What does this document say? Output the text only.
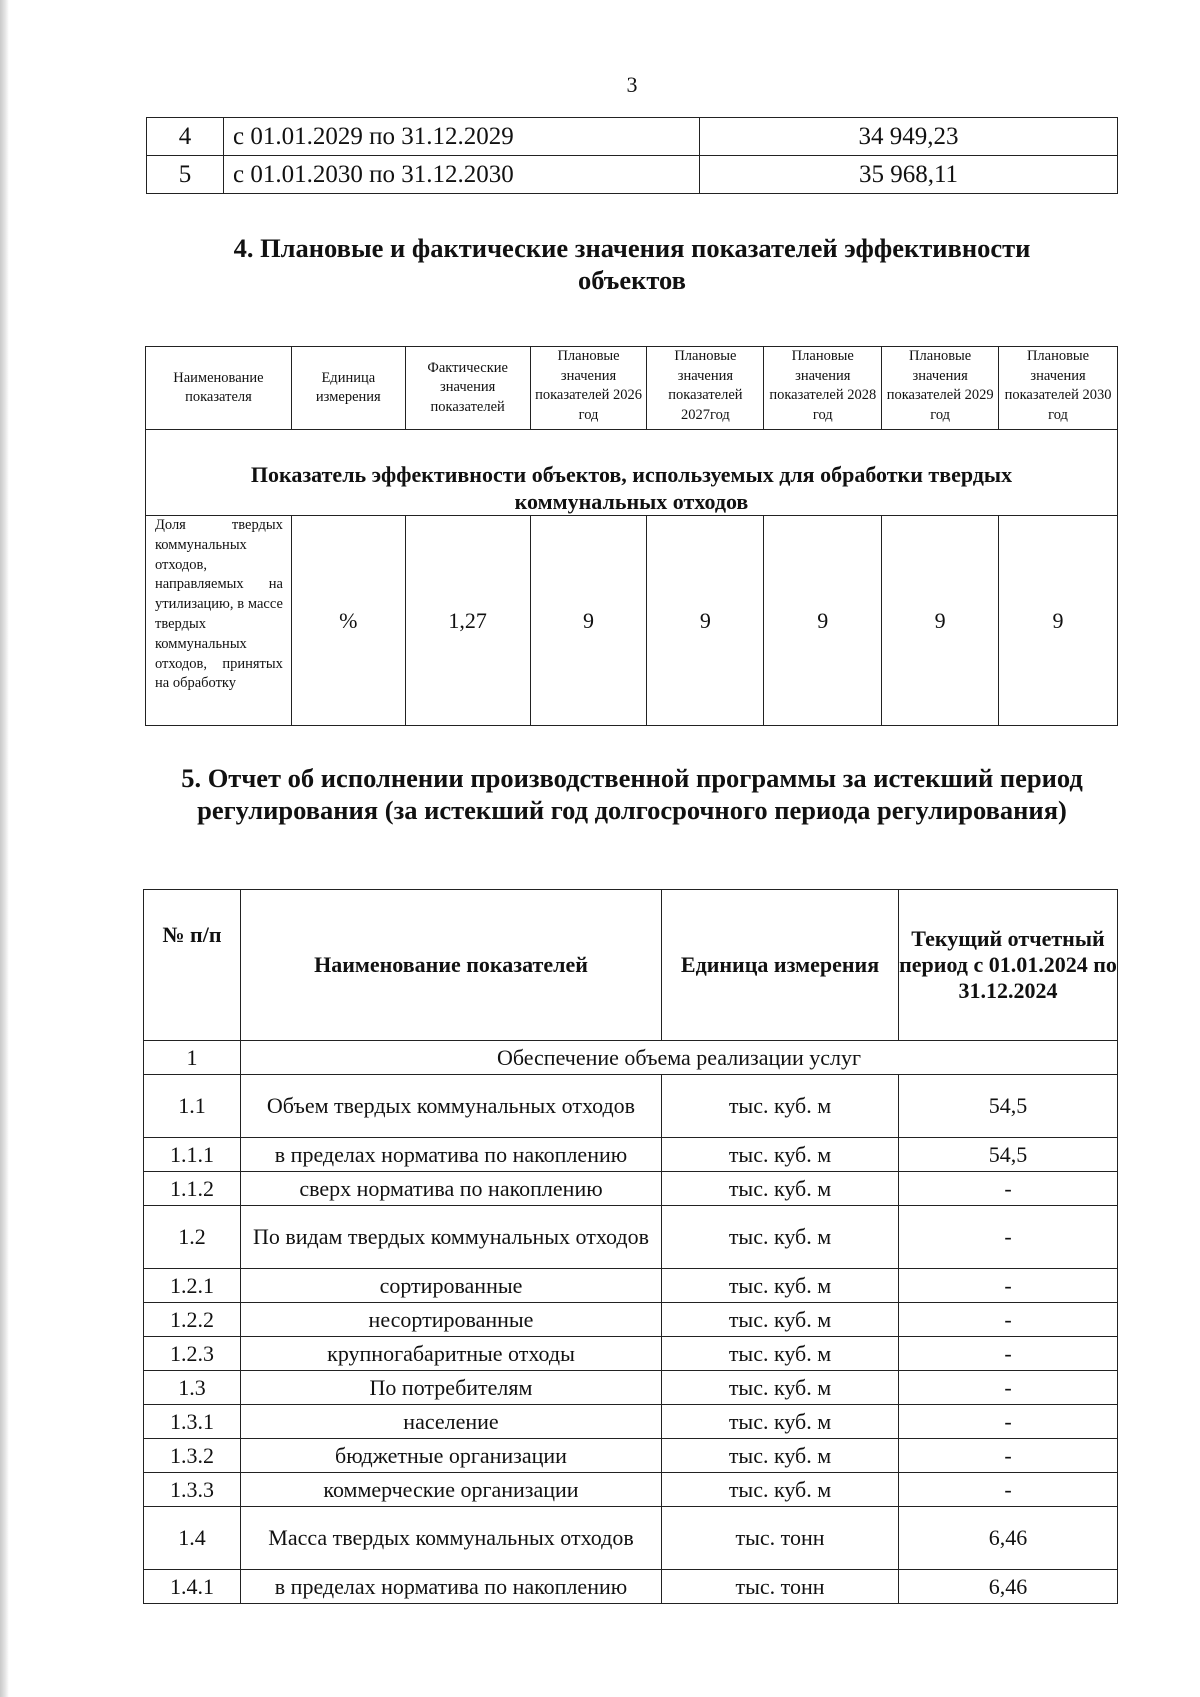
3
4	с 01.01.2029 по 31.12.2029	34 949,23
5	с 01.01.2030 по 31.12.2030	35 968,11
4. Плановые и фактические значения показателей эффективности
объектов
Наименование показателя	Единица измерения	Фактические значения показателей	Плановые значения показателей 2026 год	Плановые значения показателей 2027год	Плановые значения показателей 2028 год	Плановые значения показателей 2029 год	Плановые значения показателей 2030 год

Показатель эффективности объектов, используемых для обработки твердых
коммунальных отходов							

Доля твердых коммунальных отходов, направляемых на утилизацию, в массе твердых коммунальных отходов, принятых на обработку	%	1,27	9	9	9	9	9
5. Отчет об исполнении производственной программы за истекший период
регулирования (за истекший год долгосрочного периода регулирования)
№ п/п	Наименование показателей	Единица измерения	Текущий отчетный период с 01.01.2024 по 31.12.2024
1	Обеспечение объема реализации услуг		
1.1	Объем твердых коммунальных отходов	тыс. куб. м	54,5
1.1.1	в пределах норматива по накоплению	тыс. куб. м	54,5
1.1.2	сверх норматива по накоплению	тыс. куб. м	-
1.2	По видам твердых коммунальных отходов	тыс. куб. м	-
1.2.1	сортированные	тыс. куб. м	-
1.2.2	несортированные	тыс. куб. м	-
1.2.3	крупногабаритные отходы	тыс. куб. м	-
1.3	По потребителям	тыс. куб. м	-
1.3.1	население	тыс. куб. м	-
1.3.2	бюджетные организации	тыс. куб. м	-
1.3.3	коммерческие организации	тыс. куб. м	-
1.4	Масса твердых коммунальных отходов	тыс. тонн	6,46
1.4.1	в пределах норматива по накоплению	тыс. тонн	6,46
